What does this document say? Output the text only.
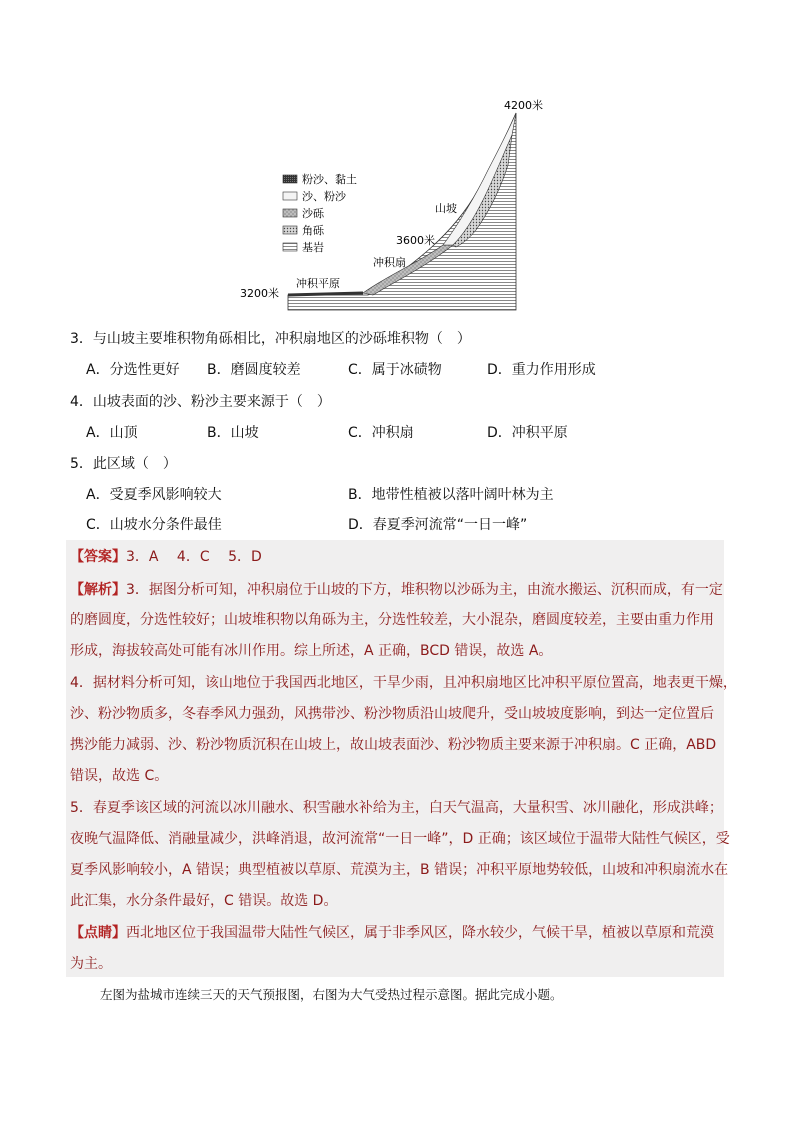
粉沙、黏土
沙、粉沙
沙砾
角砾
基岩
4200米
3600米
3200米
山坡
冲积扇
冲积平原
3．与山坡主要堆积物角砾相比，冲积扇地区的沙砾堆积物（　）
A．分选性更好 B．磨圆度较差	C．属于冰碛物	D．重力作用形成
4．山坡表面的沙、粉沙主要来源于（　）
A．山顶	B．山坡	C．冲积扇	D．冲积平原
5．此区域（　）
A．受夏季风影响较大	B．地带性植被以落叶阔叶林为主
C．山坡水分条件最佳	D．春夏季河流常“一日一峰”
【答案】3．A　 4．C　 5．D
【解析】3．据图分析可知，冲积扇位于山坡的下方，堆积物以沙砾为主，由流水搬运、沉积而成，有一定
的磨圆度，分选性较好；山坡堆积物以角砾为主，分选性较差，大小混杂，磨圆度较差，主要由重力作用
形成，海拔较高处可能有冰川作用。综上所述，A 正确，BCD 错误，故选 A。
4．据材料分析可知，该山地位于我国西北地区，干旱少雨，且冲积扇地区比冲积平原位置高，地表更干燥，
沙、粉沙物质多，冬春季风力强劲，风携带沙、粉沙物质沿山坡爬升，受山坡坡度影响，到达一定位置后
携沙能力减弱、沙、粉沙物质沉积在山坡上，故山坡表面沙、粉沙物质主要来源于冲积扇。C 正确，ABD
错误，故选 C。
5．春夏季该区域的河流以冰川融水、积雪融水补给为主，白天气温高，大量积雪、冰川融化，形成洪峰；
夜晚气温降低、消融量减少，洪峰消退，故河流常“一日一峰”，D 正确；该区域位于温带大陆性气候区，受
夏季风影响较小，A 错误；典型植被以草原、荒漠为主，B 错误；冲积平原地势较低，山坡和冲积扇流水在
此汇集，水分条件最好，C 错误。故选 D。
【点睛】西北地区位于我国温带大陆性气候区，属于非季风区，降水较少，气候干旱，植被以草原和荒漠
为主。
左图为盐城市连续三天的天气预报图，右图为大气受热过程示意图。据此完成小题。
